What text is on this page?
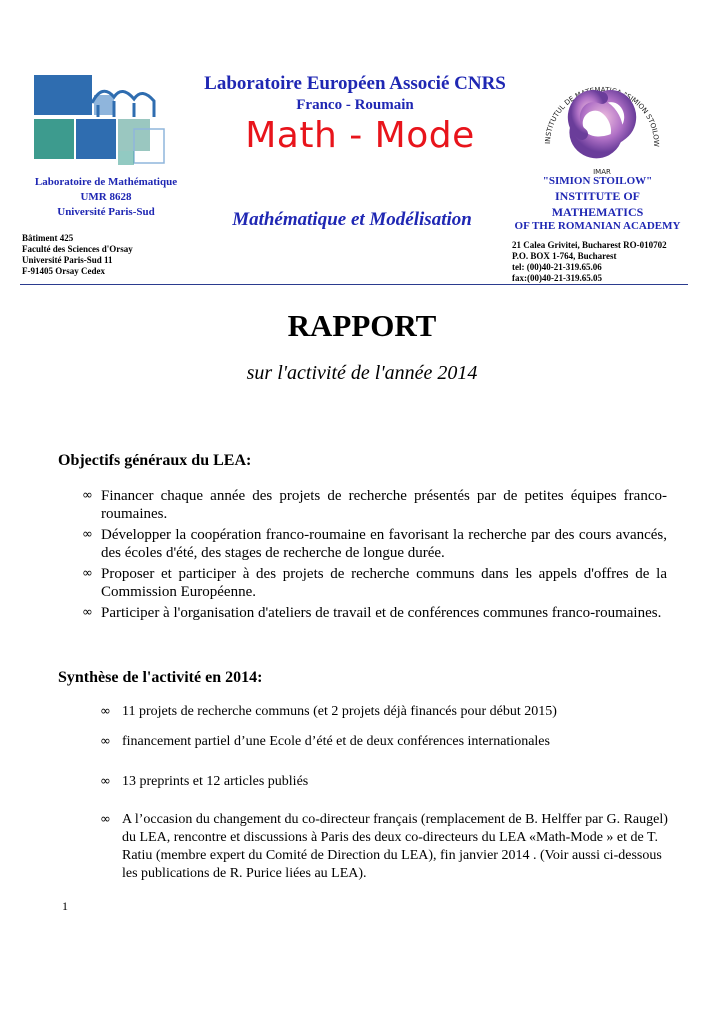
Laboratoire Européen Associé CNRS
Franco - Roumain
Math - Mode
Mathématique et Modélisation
Laboratoire de Mathématique
UMR 8628
Université Paris-Sud
Bâtiment 425
Faculté des Sciences d'Orsay
Université Paris-Sud 11
F-91405 Orsay Cedex
INSTITUTUL DE MATEMATICA "SIMION STOILOW
IMAR
"SIMION STOILOW"
INSTITUTE OF
MATHEMATICS
OF THE ROMANIAN ACADEMY
21 Calea Grivitei, Bucharest RO-010702
P.O. BOX 1-764, Bucharest
tel: (00)40-21-319.65.06
fax:(00)40-21-319.65.05
RAPPORT
sur l'activité de l'année 2014
Objectifs généraux du LEA:
∞ Financer chaque année des projets de recherche présentés par de petites équipes franco-roumaines.
∞ Développer la coopération franco-roumaine en favorisant la recherche par des cours avancés, des écoles d'été, des stages de recherche de longue durée.
∞ Proposer et participer à des projets de recherche communs dans les appels d'offres de la Commission Européenne.
∞ Participer à l'organisation d'ateliers de travail et de conférences communes franco-roumaines.
Synthèse de l'activité en 2014:
∞ 11 projets de recherche communs (et 2 projets déjà financés pour début 2015)
∞ financement partiel d’une Ecole d’été et de deux conférences internationales
∞ 13 preprints et 12 articles publiés
∞ A l’occasion du changement du co-directeur français (remplacement de B. Helffer par G. Raugel) du LEA, rencontre et discussions à Paris des deux co-directeurs du LEA «Math-Mode » et de T. Ratiu (membre expert du Comité de Direction du LEA), fin janvier 2014 . (Voir aussi ci-dessous les publications de R. Purice liées au LEA).
1
